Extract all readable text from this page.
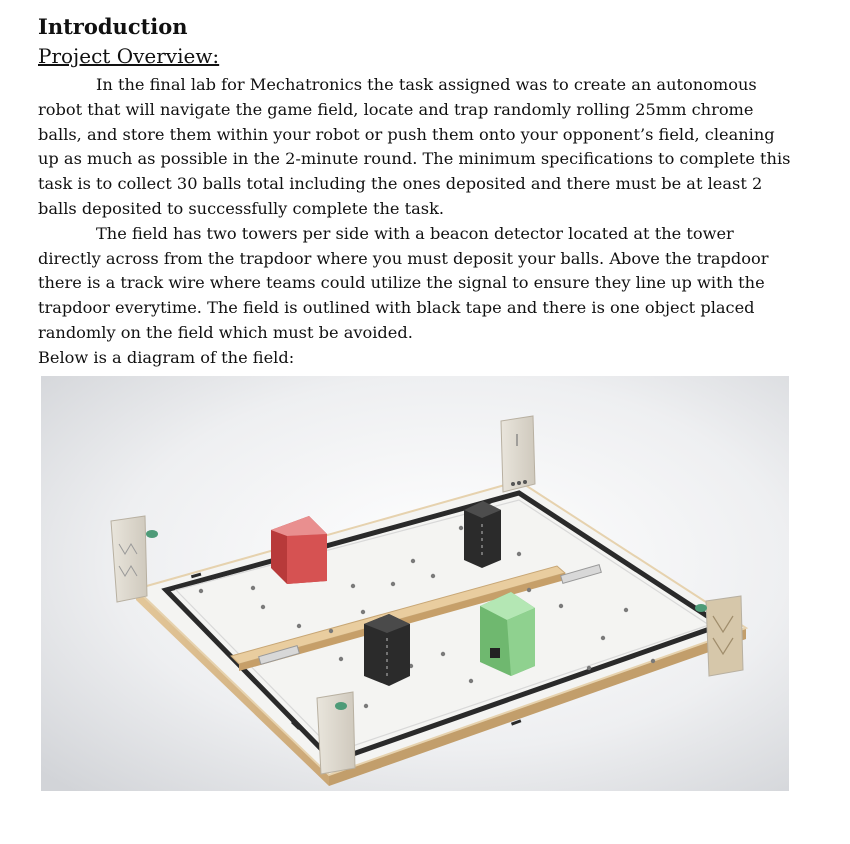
Introduction
Project Overview:

In the final lab for Mechatronics the task assigned was to create an autonomous robot that will navigate the game field, locate and trap randomly rolling 25mm chrome balls, and store them within your robot or push them onto your opponent’s field, cleaning up as much as possible in the 2-minute round. The minimum specifications to complete this task is to collect 30 balls total including the ones deposited and there must be at least 2 balls deposited to successfully complete the task.

The field has two towers per side with a beacon detector located at the tower directly across from the trapdoor where you must deposit your balls. Above the trapdoor there is a track wire where teams could utilize the signal to ensure they line up with the trapdoor everytime. The field is outlined with black tape and there is one object placed randomly on the field which must be avoided.

Below is a diagram of the field:
